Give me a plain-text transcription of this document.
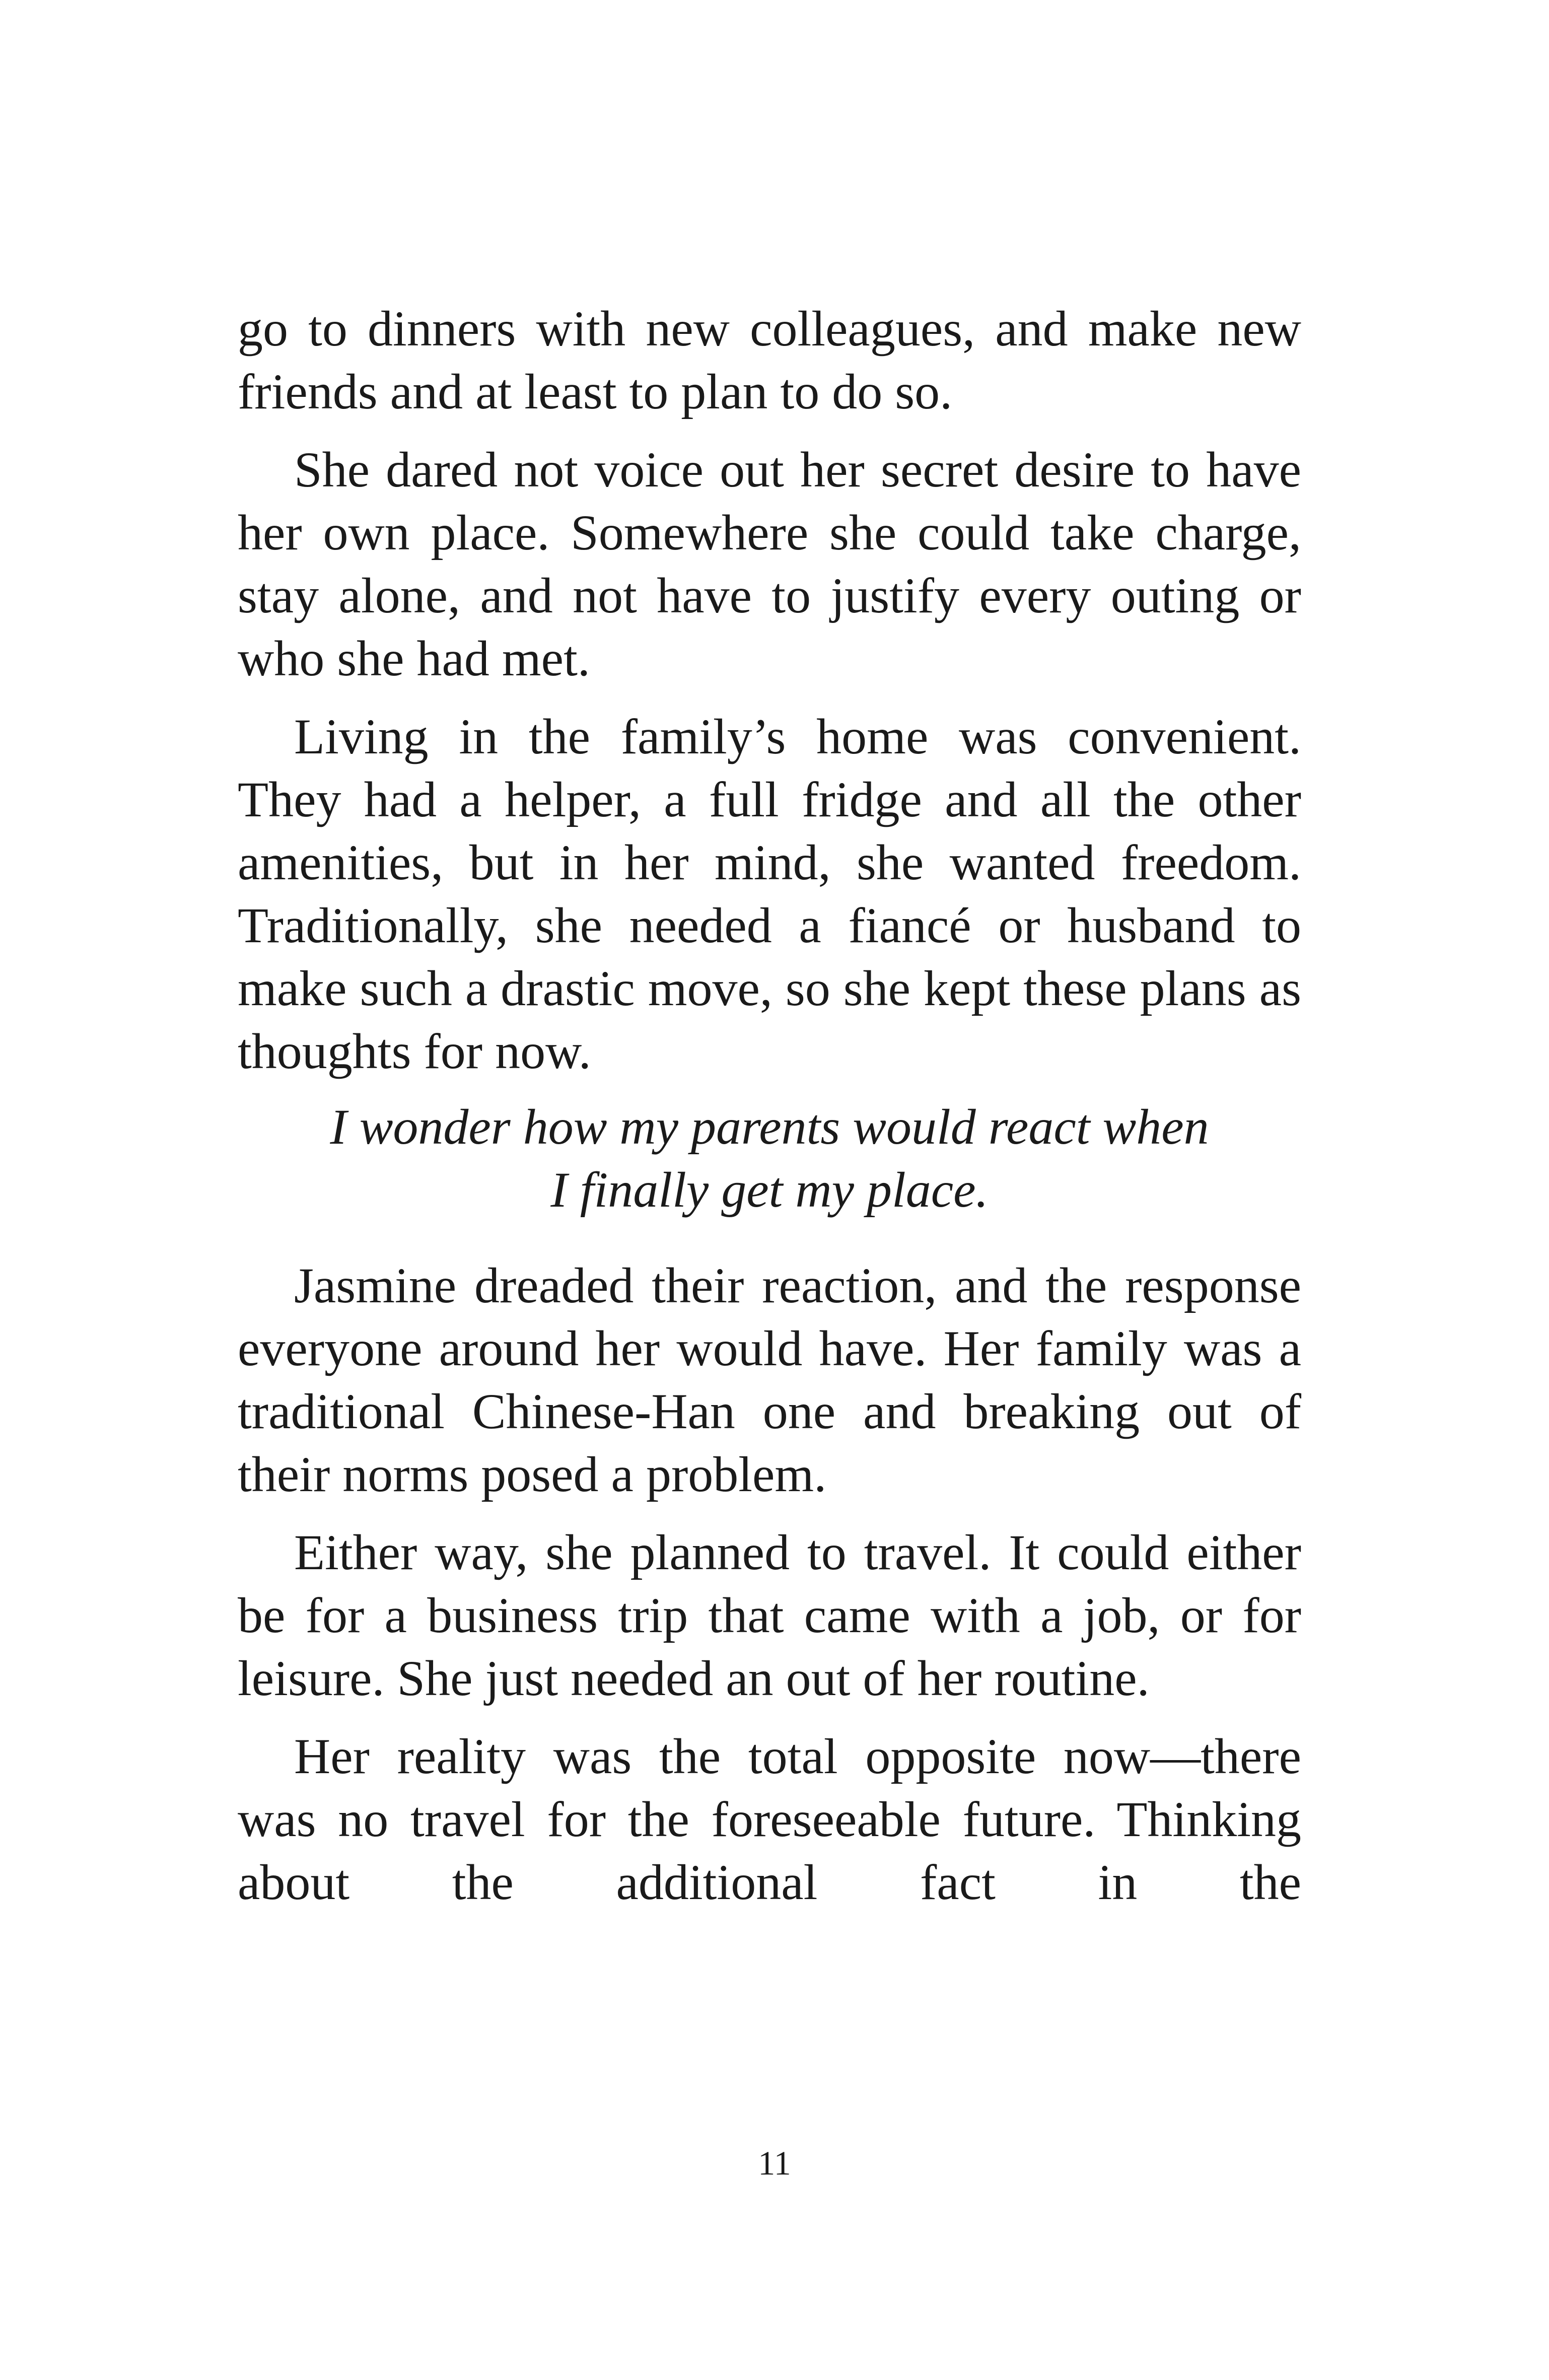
go to dinners with new colleagues, and make new friends and at least to plan to do so.

She dared not voice out her secret desire to have her own place. Somewhere she could take charge, stay alone, and not have to justify every outing or who she had met.

Living in the family’s home was convenient. They had a helper, a full fridge and all the other amenities, but in her mind, she wanted freedom. Traditionally, she needed a fiancé or husband to make such a drastic move, so she kept these plans as thoughts for now.

I wonder how my parents would react when
I finally get my place.

Jasmine dreaded their reaction, and the response everyone around her would have. Her family was a traditional Chinese-Han one and breaking out of their norms posed a problem.

Either way, she planned to travel. It could either be for a business trip that came with a job, or for leisure. She just needed an out of her routine.

Her reality was the total opposite now—there was no travel for the foreseeable future. Thinking about the additional fact in the

11
